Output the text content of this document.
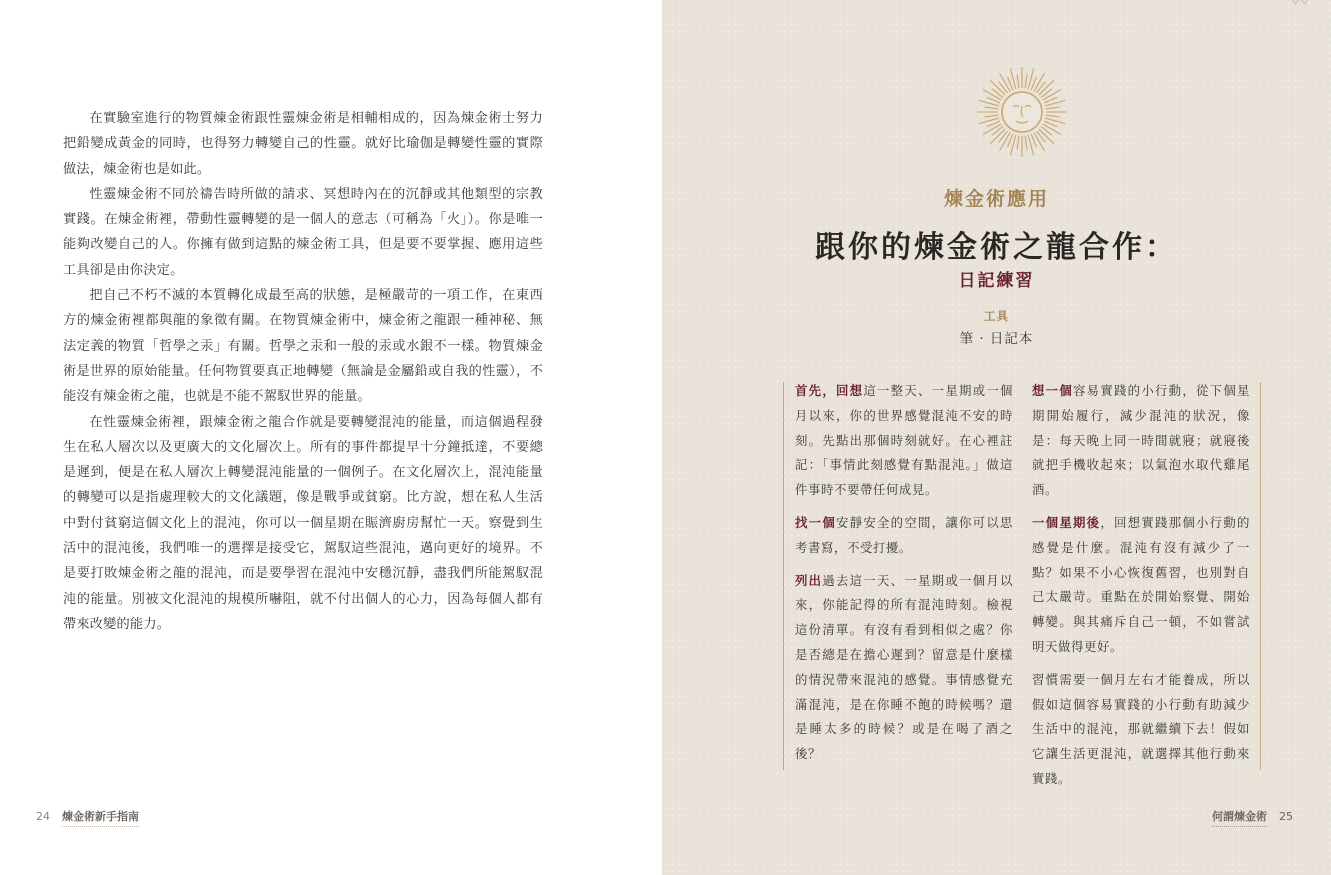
在實驗室進行的物質煉金術跟性靈煉金術是相輔相成的，因為煉金術士努力把鉛變成黃金的同時，也得努力轉變自己的性靈。就好比瑜伽是轉變性靈的實際做法，煉金術也是如此。

性靈煉金術不同於禱告時所做的請求、冥想時內在的沉靜或其他類型的宗教實踐。在煉金術裡，帶動性靈轉變的是一個人的意志（可稱為「火」）。你是唯一能夠改變自己的人。你擁有做到這點的煉金術工具，但是要不要掌握、應用這些工具卻是由你決定。

把自己不朽不滅的本質轉化成最至高的狀態，是極嚴苛的一項工作，在東西方的煉金術裡都與龍的象徵有關。在物質煉金術中，煉金術之龍跟一種神秘、無法定義的物質「哲學之汞」有關。哲學之汞和一般的汞或水銀不一樣。物質煉金術是世界的原始能量。任何物質要真正地轉變（無論是金屬鉛或自我的性靈），不能沒有煉金術之龍，也就是不能不駕馭世界的能量。

在性靈煉金術裡，跟煉金術之龍合作就是要轉變混沌的能量，而這個過程發生在私人層次以及更廣大的文化層次上。所有的事件都提早十分鐘抵達，不要總是遲到，便是在私人層次上轉變混沌能量的一個例子。在文化層次上，混沌能量的轉變可以是指處理較大的文化議題，像是戰爭或貧窮。比方說，想在私人生活中對付貧窮這個文化上的混沌，你可以一個星期在賑濟廚房幫忙一天。察覺到生活中的混沌後，我們唯一的選擇是接受它，駕馭這些混沌，邁向更好的境界。不是要打敗煉金術之龍的混沌，而是要學習在混沌中安穩沉靜，盡我們所能駕馭混沌的能量。別被文化混沌的規模所嚇阻，就不付出個人的心力，因為每個人都有帶來改變的能力。

24 煉金術新手指南
煉金術應用
跟你的煉金術之龍合作：
日記練習
工具
筆 · 日記本

首先，回想這一整天、一星期或一個月以來，你的世界感覺混沌不安的時刻。先點出那個時刻就好。在心裡註記：「事情此刻感覺有點混沌。」做這件事時不要帶任何成見。

找一個安靜安全的空間，讓你可以思考書寫，不受打擾。

列出過去這一天、一星期或一個月以來，你能記得的所有混沌時刻。檢視這份清單。有沒有看到相似之處？你是否總是在擔心遲到？留意是什麼樣的情況帶來混沌的感覺。事情感覺充滿混沌，是在你睡不飽的時候嗎？還是睡太多的時候？或是在喝了酒之後？

想一個容易實踐的小行動，從下個星期開始履行，減少混沌的狀況，像是：每天晚上同一時間就寢；就寢後就把手機收起來；以氣泡水取代雞尾酒。

一個星期後，回想實踐那個小行動的感覺是什麼。混沌有沒有減少了一點？如果不小心恢復舊習，也別對自己太嚴苛。重點在於開始察覺、開始轉變。與其痛斥自己一頓，不如嘗試明天做得更好。

習慣需要一個月左右才能養成，所以假如這個容易實踐的小行動有助減少生活中的混沌，那就繼續下去！假如它讓生活更混沌，就選擇其他行動來實踐。

何謂煉金術 25
